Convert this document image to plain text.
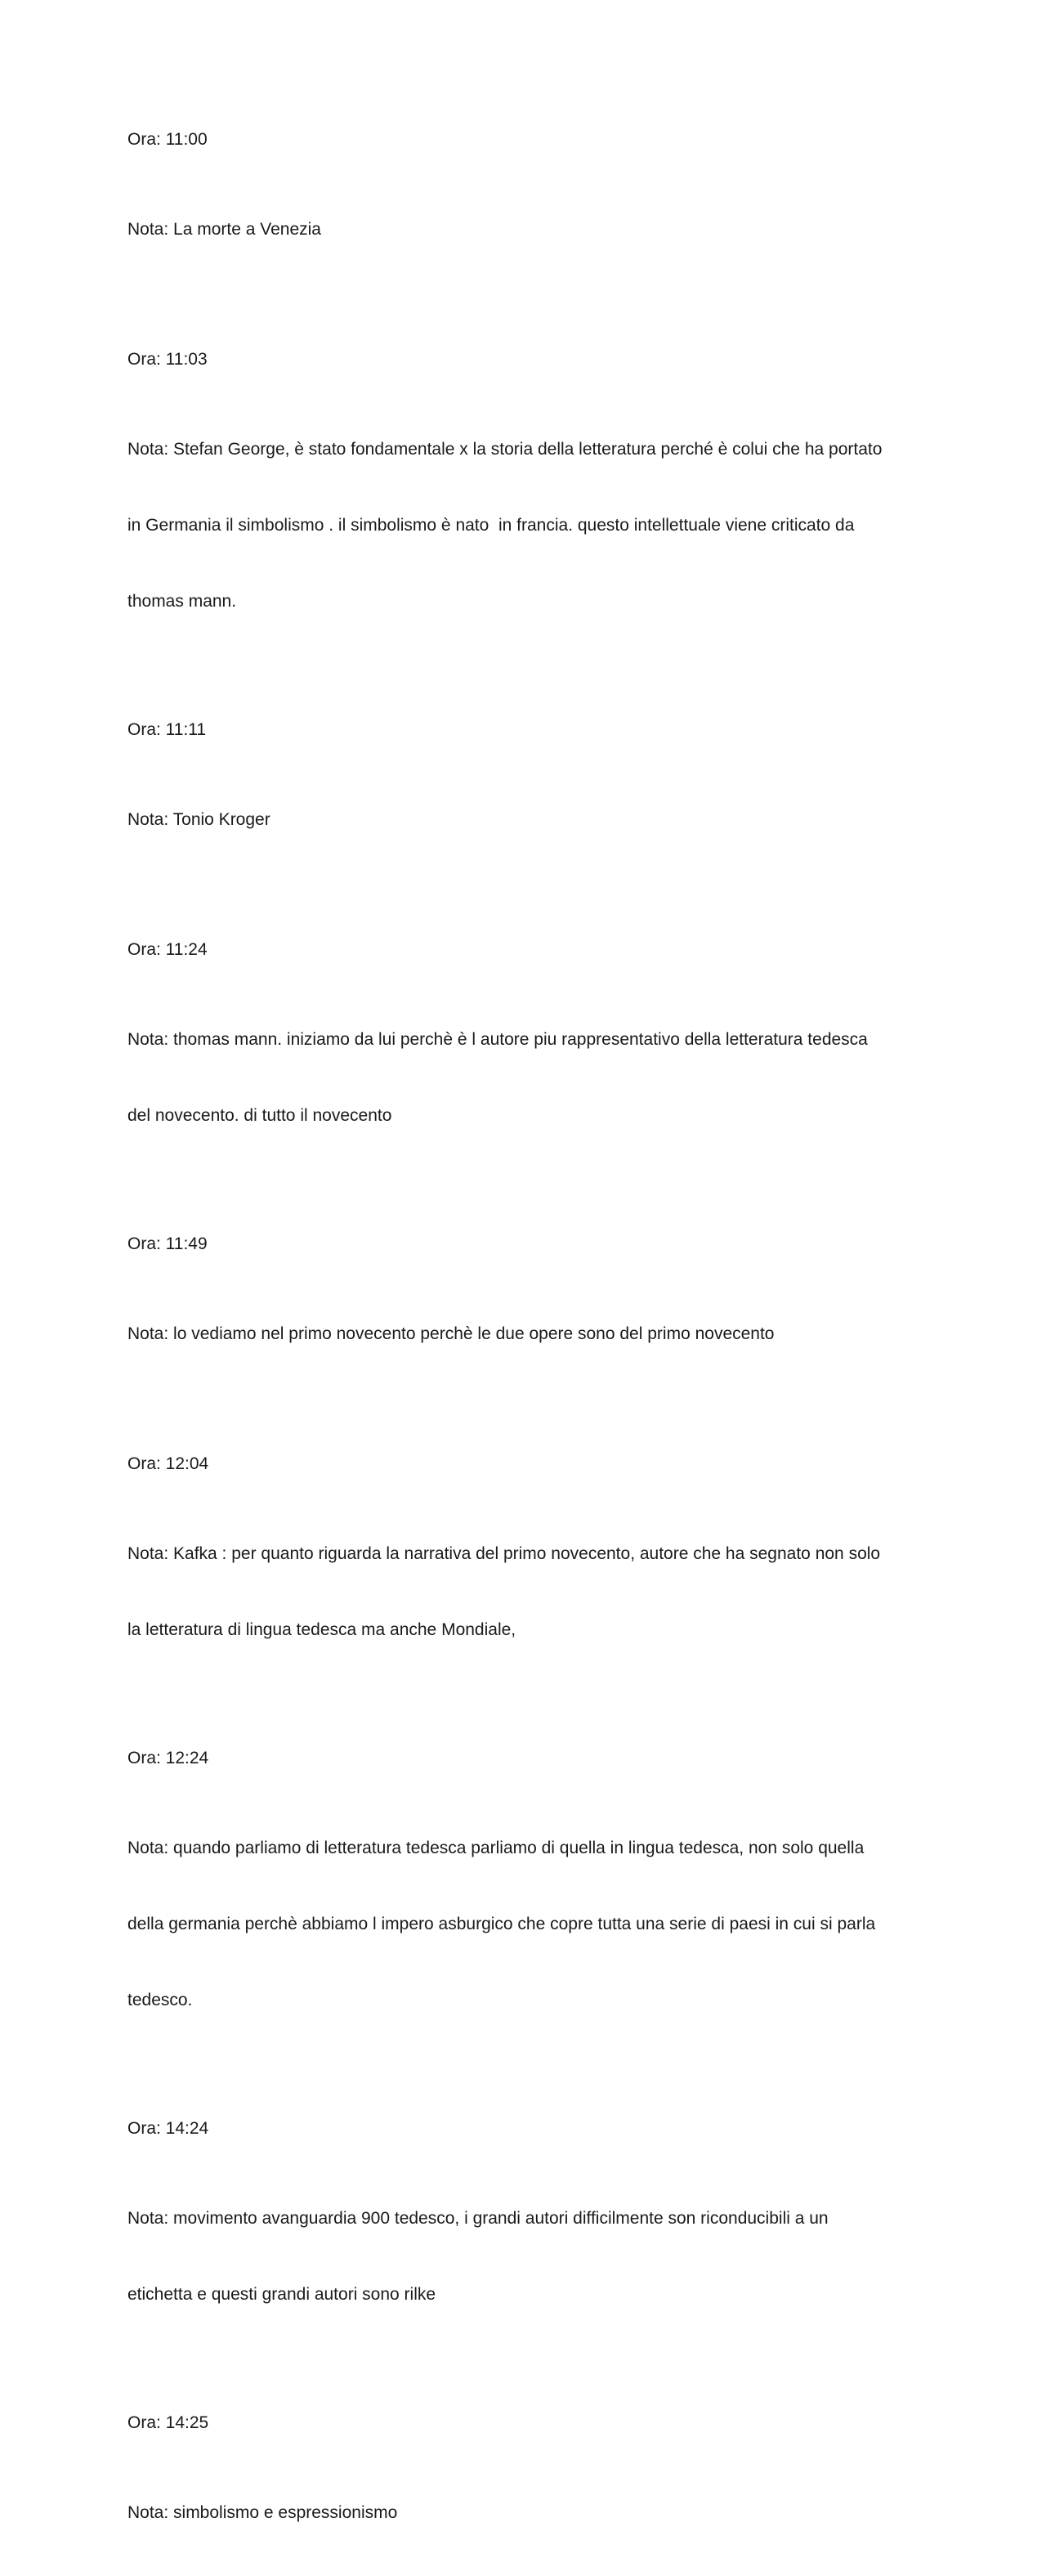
Ora: 11:00

Nota: La morte a Venezia

Ora: 11:03

Nota: Stefan George, è stato fondamentale x la storia della letteratura perché è colui che ha portato

in Germania il simbolismo . il simbolismo è nato  in francia. questo intellettuale viene criticato da

thomas mann.

Ora: 11:11

Nota: Tonio Kroger

Ora: 11:24

Nota: thomas mann. iniziamo da lui perchè è l autore piu rappresentativo della letteratura tedesca

del novecento. di tutto il novecento

Ora: 11:49

Nota: lo vediamo nel primo novecento perchè le due opere sono del primo novecento

Ora: 12:04

Nota: Kafka : per quanto riguarda la narrativa del primo novecento, autore che ha segnato non solo

la letteratura di lingua tedesca ma anche Mondiale,

Ora: 12:24

Nota: quando parliamo di letteratura tedesca parliamo di quella in lingua tedesca, non solo quella

della germania perchè abbiamo l impero asburgico che copre tutta una serie di paesi in cui si parla

tedesco.

Ora: 14:24

Nota: movimento avanguardia 900 tedesco, i grandi autori difficilmente son riconducibili a un

etichetta e questi grandi autori sono rilke

Ora: 14:25

Nota: simbolismo e espressionismo
